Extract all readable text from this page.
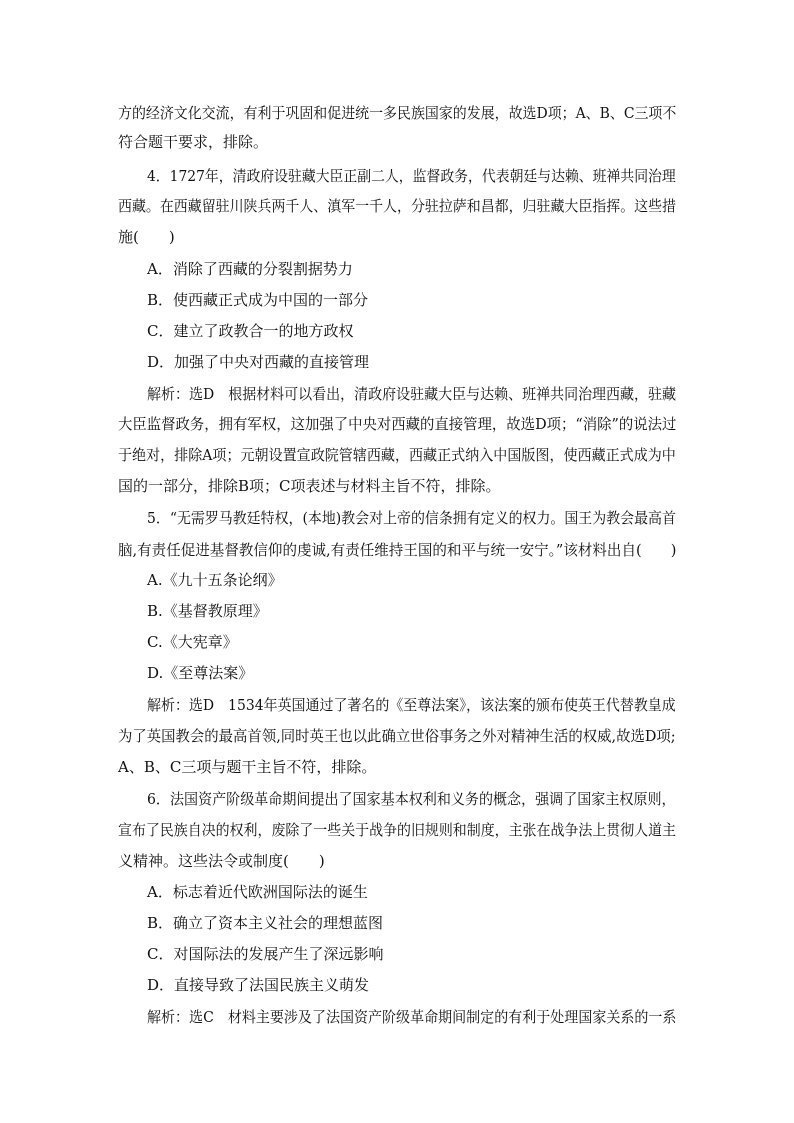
方的经济文化交流，有利于巩固和促进统一多民族国家的发展，故选D项；A、B、C三项不
符合题干要求，排除。
4．1727年，清政府设驻藏大臣正副二人，监督政务，代表朝廷与达赖、班禅共同治理
西藏。在西藏留驻川陕兵两千人、滇军一千人，分驻拉萨和昌都，归驻藏大臣指挥。这些措
施(　　)
A．消除了西藏的分裂割据势力
B．使西藏正式成为中国的一部分
C．建立了政教合一的地方政权
D．加强了中央对西藏的直接管理
解析：选D　根据材料可以看出，清政府设驻藏大臣与达赖、班禅共同治理西藏，驻藏
大臣监督政务，拥有军权，这加强了中央对西藏的直接管理，故选D项；“消除”的说法过
于绝对，排除A项；元朝设置宣政院管辖西藏，西藏正式纳入中国版图，使西藏正式成为中
国的一部分，排除B项；C项表述与材料主旨不符，排除。
5．“无需罗马教廷特权，(本地)教会对上帝的信条拥有定义的权力。国王为教会最高首
脑,有责任促进基督教信仰的虔诚,有责任维持王国的和平与统一安宁。”该材料出自(　　)
A.《九十五条论纲》
B.《基督教原理》
C.《大宪章》
D.《至尊法案》
解析：选D　1534年英国通过了著名的《至尊法案》，该法案的颁布使英王代替教皇成
为了英国教会的最高首领,同时英王也以此确立世俗事务之外对精神生活的权威,故选D项;
A、B、C三项与题干主旨不符，排除。
6．法国资产阶级革命期间提出了国家基本权利和义务的概念，强调了国家主权原则，
宣布了民族自决的权利，废除了一些关于战争的旧规则和制度，主张在战争法上贯彻人道主
义精神。这些法令或制度(　　)
A．标志着近代欧洲国际法的诞生
B．确立了资本主义社会的理想蓝图
C．对国际法的发展产生了深远影响
D．直接导致了法国民族主义萌发
解析：选C　材料主要涉及了法国资产阶级革命期间制定的有利于处理国家关系的一系
